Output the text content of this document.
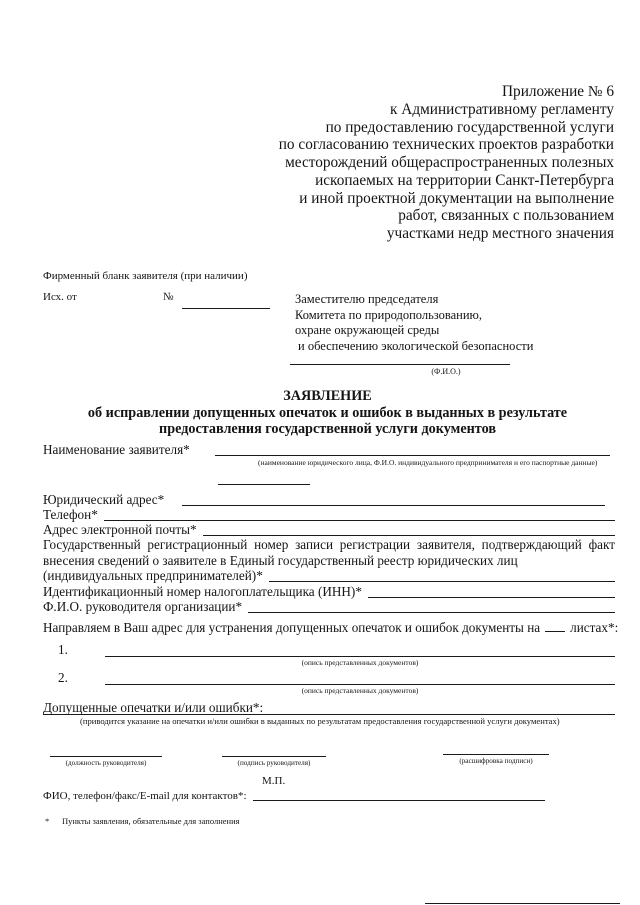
Приложение № 6
к Административному регламенту
по предоставлению государственной услуги
по согласованию технических проектов разработки
месторождений общераспространенных полезных
ископаемых на территории Санкт-Петербурга
и иной проектной документации на выполнение
работ, связанных с пользованием
участками недр местного значения
Фирменный бланк заявителя (при наличии)
Исх. от	№	Заместителю председателя
Комитета по природопользованию,
охране окружающей среды
и обеспечению экологической безопасности
(Ф.И.О.)
ЗАЯВЛЕНИЕ
об исправлении допущенных опечаток и ошибок в выданных в результате
предоставления государственной услуги документов
Наименование заявителя*
(наименование юридического лица, Ф.И.О. индивидуального предпринимателя и его паспортные данные)
Юридический адрес*
Телефон*
Адрес электронной почты*
Государственный регистрационный номер записи регистрации заявителя, подтверждающий факт
внесения сведений о заявителе в Единый государственный реестр юридических лиц
(индивидуальных предпринимателей)*
Идентификационный номер налогоплательщика (ИНН)*
Ф.И.О. руководителя организации*
Направляем в Ваш адрес для устранения допущенных опечаток и ошибок документы на листах*:
1.
(опись представленных документов)
2.
(опись представленных документов)
Допущенные опечатки и/или ошибки*:
(приводится указание на опечатки и/или ошибки в выданных по результатам предоставления государственной услуги документах)
(должность руководителя)	(подпись руководителя)	(расшифровка подписи)
М.П.
ФИО, телефон/факс/E-mail для контактов*:
* Пункты заявления, обязательные для заполнения
